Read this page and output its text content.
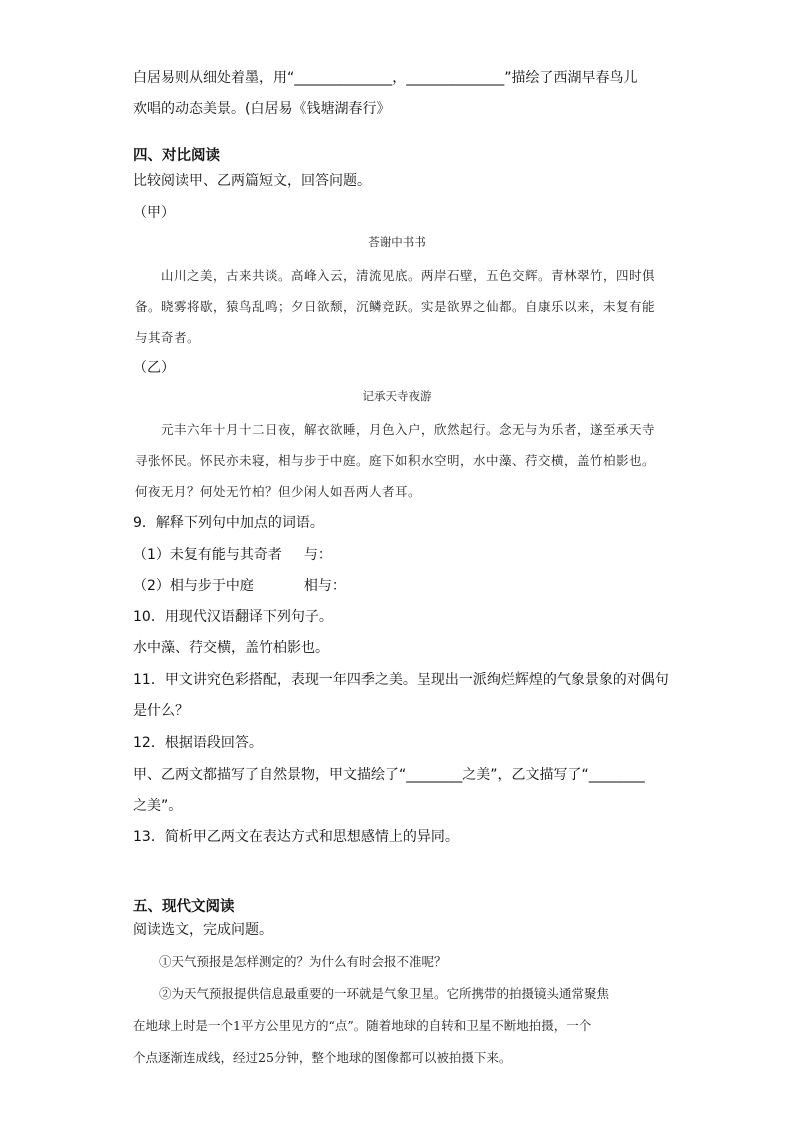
白居易则从细处着墨，用“______________，______________”描绘了西湖早春鸟儿
欢唱的动态美景。(白居易《钱塘湖春行》
四、对比阅读
比较阅读甲、乙两篇短文，回答问题。
（甲）
荅谢中书书
山川之美，古来共谈。高峰入云，清流见底。两岸石壁，五色交辉。青林翠竹，四时俱备。晓雾将歇，猿鸟乱鸣；夕日欲颓，沉鳞竞跃。实是欲界之仙都。自康乐以来，未复有能与其奇者。
（乙）
记承天寺夜游
元丰六年十月十二日夜，解衣欲睡，月色入户，欣然起行。念无与为乐者，遂至承天寺寻张怀民。怀民亦未寝，相与步于中庭。庭下如积水空明，水中藻、荇交横，盖竹柏影也。何夜无月？何处无竹柏？但少闲人如吾两人者耳。
9．解释下列句中加点的词语。
（1）未复有能与其奇者 与：
（2）相与步于中庭	相与：
10．用现代汉语翻译下列句子。
水中藻、荇交横，盖竹柏影也。
11．甲文讲究色彩搭配，表现一年四季之美。呈现出一派绚烂辉煌的气象景象的对偶句
是什么？
12．根据语段回答。
甲、乙两文都描写了自然景物，甲文描绘了“________之美”，乙文描写了“________
之美”。
13．简析甲乙两文在表达方式和思想感情上的异同。
五、现代文阅读
阅读选文，完成问题。
①天气预报是怎样测定的？为什么有时会报不准呢？
②为天气预报提供信息最重要的一环就是气象卫星。它所携带的拍摄镜头通常聚焦
在地球上时是一个1平方公里见方的“点”。随着地球的自转和卫星不断地拍摄，一个
个点逐渐连成线，经过25分钟，整个地球的图像都可以被拍摄下来。
